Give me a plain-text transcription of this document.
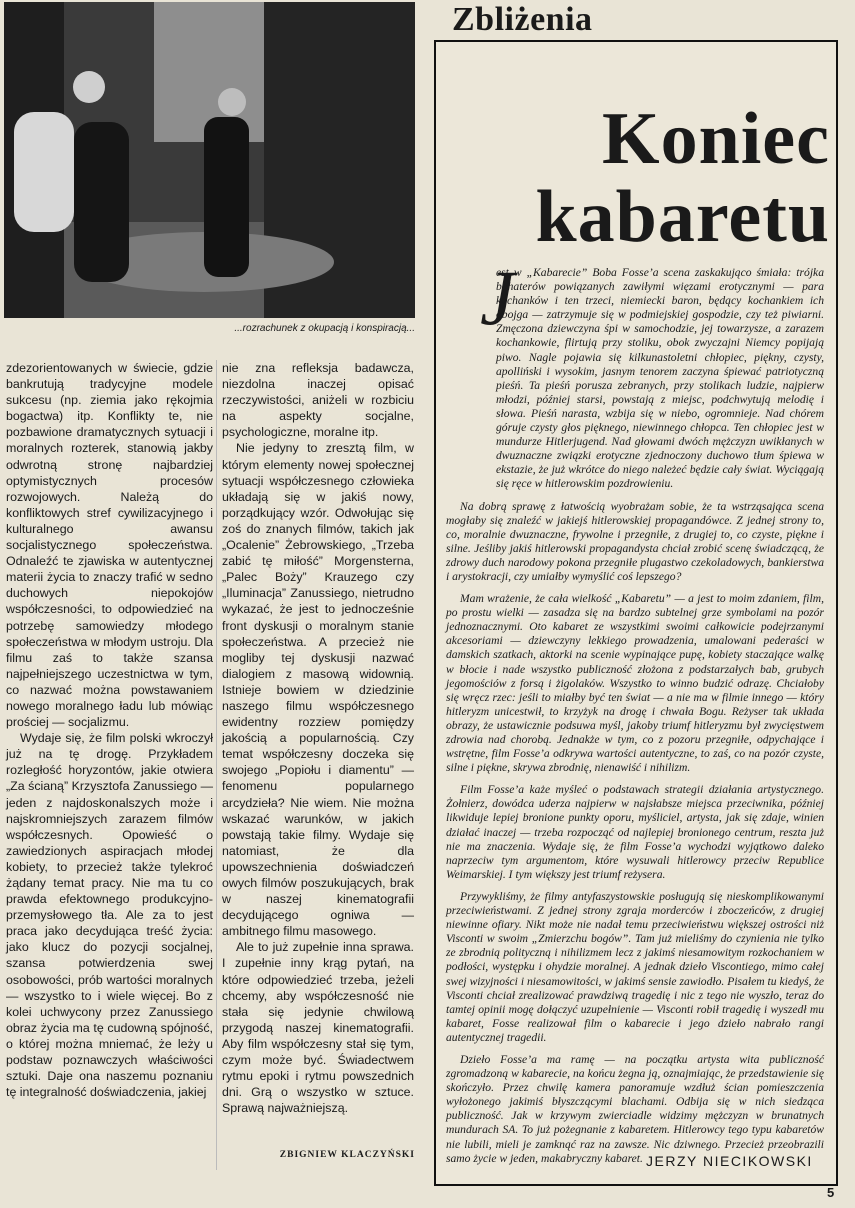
...rozrachunek z okupacją i konspiracją...

zdezorientowanych w świecie, gdzie bankrutują tradycyjne modele sukcesu (np. ziemia jako rękojmia bogactwa) itp. Konflikty te, nie pozbawione dramatycznych sytuacji i moralnych rozterek, stanowią jakby odwrotną stronę najbardziej optymistycznych procesów rozwojowych. Należą do konfliktowych stref cywilizacyjnego i kulturalnego awansu socjalistycznego społeczeństwa. Odnaleźć te zjawiska w autentycznej materii życia to znaczy trafić w sedno duchowych niepokojów współczesności, to odpowiedzieć na potrzebę samowiedzy młodego społeczeństwa w młodym ustroju. Dla filmu zaś to także szansa najpełniejszego uczestnictwa w tym, co nazwać można powstawaniem nowego moralnego ładu lub mówiąc prościej — socjalizmu.

Wydaje się, że film polski wkroczył już na tę drogę. Przykładem rozległość horyzontów, jakie otwiera „Za ścianą” Krzysztofa Zanussiego — jeden z najdoskonalszych może i najskromniejszych zarazem filmów współczesnych. Opowieść o zawiedzionych aspiracjach młodej kobiety, to przecież także tylekroć żądany temat pracy. Nie ma tu co prawda efektownego produkcyjno-przemysłowego tła. Ale za to jest praca jako decydująca treść życia: jako klucz do pozycji socjalnej, szansa potwierdzenia swej osobowości, prób wartości moralnych — wszystko to i wiele więcej. Bo z kolei uchwycony przez Zanussiego obraz życia ma tę cudowną spójność, o której można mniemać, że leży u podstaw poznawczych właściwości sztuki. Daje ona naszemu poznaniu tę integralność doświadczenia, jakiej

nie zna refleksja badawcza, niezdolna inaczej opisać rzeczywistości, aniżeli w rozbiciu na aspekty socjalne, psychologiczne, moralne itp.

Nie jedyny to zresztą film, w którym elementy nowej społecznej sytuacji współczesnego człowieka układają się w jakiś nowy, porządkujący wzór. Odwołując się zoś do znanych filmów, takich jak „Ocalenie” Żebrowskiego, „Trzeba zabić tę miłość” Morgensterna, „Palec Boży” Krauzego czy „Iluminacja” Zanussiego, nietrudno wykazać, że jest to jednocześnie front dyskusji o moralnym stanie społeczeństwa. A przecież nie mogliby tej dyskusji nazwać dialogiem z masową widownią. Istnieje bowiem w dziedzinie naszego filmu współczesnego ewidentny rozziew pomiędzy jakością a popularnością. Czy temat współczesny doczeka się swojego „Popiołu i diamentu” — fenomenu popularnego arcydzieła? Nie wiem. Nie można wskazać warunków, w jakich powstają takie filmy. Wydaje się natomiast, że dla upowszechnienia doświadczeń owych filmów poszukujących, brak w naszej kinematografii decydującego ogniwa — ambitnego filmu masowego.

Ale to już zupełnie inna sprawa. I zupełnie inny krąg pytań, na które odpowiedzieć trzeba, jeżeli chcemy, aby współczesność nie stała się jedynie chwilową przygodą naszej kinematografii. Aby film współczesny stał się tym, czym może być. Świadectwem rytmu epoki i rytmu powszednich dni. Grą o wszystko w sztuce. Sprawą najważniejszą.

ZBIGNIEW KLACZYŃSKI
Zbliżenia
Koniec
kabaretu
J

est w „Kabarecie” Boba Fosse’a scena zaskakująco śmiała: trójka bohaterów powiązanych zawiłymi więzami erotycznymi — para kochanków i ten trzeci, niemiecki baron, będący kochankiem ich obojga — zatrzymuje się w podmiejskiej gospodzie, czy też piwiarni. Zmęczona dziewczyna śpi w samochodzie, jej towarzysze, a zarazem kochankowie, flirtują przy stoliku, obok zwyczajni Niemcy popijają piwo. Nagle pojawia się kilkunastoletni chłopiec, piękny, czysty, apolliński i wysokim, jasnym tenorem zaczyna śpiewać patriotyczną pieśń. Ta pieśń porusza zebranych, przy stolikach ludzie, najpierw młodzi, później starsi, powstają z miejsc, podchwytują melodię i słowa. Pieśń narasta, wzbija się w niebo, ogromnieje. Nad chórem góruje czysty głos pięknego, niewinnego chłopca. Ten chłopiec jest w mundurze Hitlerjugend. Nad głowami dwóch mężczyzn uwikłanych w dwuznaczne związki erotyczne zjednoczony duchowo tłum śpiewa w ekstazie, że już wkrótce do niego należeć będzie cały świat. Wyciągają się ręce w hitlerowskim pozdrowieniu.

Na dobrą sprawę z łatwością wyobrażam sobie, że ta wstrząsająca scena mogłaby się znaleźć w jakiejś hitlerowskiej propagandówce. Z jednej strony to, co, moralnie dwuznaczne, frywolne i przegniłe, z drugiej to, co czyste, piękne i silne. Jeśliby jakiś hitlerowski propagandysta chciał zrobić scenę świadczącą, że zdrowy duch narodowy pokona przegniłe plugastwo czekoladowych, bankierstwa i arystokracji, czy umiałby wymyślić coś lepszego?

Mam wrażenie, że cała wielkość „Kabaretu” — a jest to moim zdaniem, film, po prostu wielki — zasadza się na bardzo subtelnej grze symbolami na pozór jednoznacznymi. Oto kabaret ze wszystkimi swoimi całkowicie podejrzanymi akcesoriami — dziewczyny lekkiego prowadzenia, umalowani pederaści w damskich szatkach, aktorki na scenie wypinające pupę, kobiety staczające walkę w błocie i nade wszystko publiczność złożona z podstarzałych bab, grubych jegomościów z forsą i żigolaków. Wszystko to winno budzić odrazę. Chciałoby się wręcz rzec: jeśli to miałby być ten świat — a nie ma w filmie innego — który hitleryzm unicestwił, to krzyżyk na drogę i chwała Bogu. Reżyser tak układa obrazy, że ustawicznie podsuwa myśl, jakoby triumf hitleryzmu był zwycięstwem zdrowia nad chorobą. Jednakże w tym, co z pozoru przegniłe, odpychające i wstrętne, film Fosse’a odkrywa wartości autentyczne, to zaś, co na pozór czyste, silne i piękne, skrywa zbrodnię, nienawiść i nihilizm.

Film Fosse’a każe myśleć o podstawach strategii działania artystycznego. Żołnierz, dowódca uderza najpierw w najsłabsze miejsca przeciwnika, później likwiduje lepiej bronione punkty oporu, myśliciel, artysta, jak się zdaje, winien działać inaczej — trzeba rozpocząć od najlepiej bronionego centrum, reszta już nie ma znaczenia. Wydaje się, że film Fosse’a wychodzi wyjątkowo daleko naprzeciw tym argumentom, które wysuwali hitlerowcy przeciw Republice Weimarskiej. I tym większy jest triumf reżysera.

Przywykliśmy, że filmy antyfaszystowskie posługują się nieskomplikowanymi przeciwieństwami. Z jednej strony zgraja morderców i zboczeńców, z drugiej niewinne ofiary. Nikt może nie nadał temu przeciwieństwu większej ostrości niż Visconti w swoim „Zmierzchu bogów”. Tam już mieliśmy do czynienia nie tylko ze zbrodnią polityczną i nihilizmem lecz z jakimś niesamowitym rozkochaniem w podłości, występku i ohydzie moralnej. A jednak dzieło Viscontiego, mimo całej swej wizyjności i niesamowitości, w jakimś sensie zawiodło. Pisałem tu kiedyś, że Visconti chciał zrealizować prawdziwą tragedię i nic z tego nie wyszło, teraz do tamtej opinii mogę dołączyć uzupełnienie — Visconti robił tragedię i wyszedł mu kabaret, Fosse realizował film o kabarecie i jego dzieło nabrało rangi autentycznej tragedii.

Dzieło Fosse’a ma ramę — na początku artysta wita publiczność zgromadzoną w kabarecie, na końcu żegna ją, oznajmiając, że przedstawienie się skończyło. Przez chwilę kamera panoramuje wzdłuż ścian pomieszczenia wyłożonego jakimiś błyszczącymi blachami. Odbija się w nich siedząca publiczność. Jak w krzywym zwierciadle widzimy mężczyzn w brunatnych mundurach SA. To już pożegnanie z kabaretem. Hitlerowcy tego typu kabaretów nie lubili, mieli je zamknąć raz na zawsze. Nic dziwnego. Przecież przeobrazili samo życie w jeden, makabryczny kabaret. JERZY NIECIKOWSKI
5
